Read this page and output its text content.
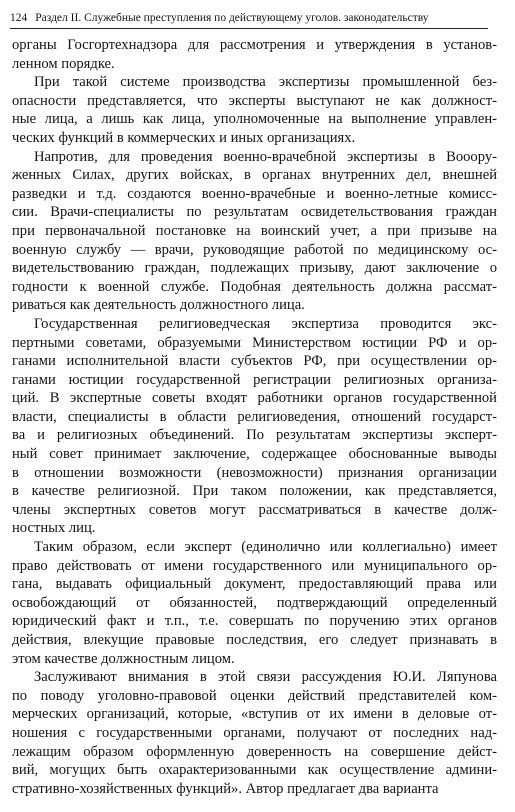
124 Раздел II. Служебные преступления по действующему уголов. законодательству
органы Госгортехнадзора для рассмотрения и утверждения в установ-
ленном порядке.
При такой системе производства экспертизы промышленной без-
опасности представляется, что эксперты выступают не как должност-
ные лица, а лишь как лица, уполномоченные на выполнение управлен-
ческих функций в коммерческих и иных организациях.
Напротив, для проведения военно-врачебной экспертизы в Вооору-
женных Силах, других войсках, в органах внутренних дел, внешней
разведки и т.д. создаются военно-врачебные и военно-летные комисс-
сии. Врачи-специалисты по результатам освидетельствования граждан
при первоначальной постановке на воинский учет, а при призыве на
военную службу — врачи, руководящие работой по медицинскому ос-
видетельствованию граждан, подлежащих призыву, дают заключение о
годности к военной службе. Подобная деятельность должна рассмат-
риваться как деятельность должностного лица.
Государственная религиоведческая экспертиза проводится экс-
пертными советами, образуемыми Министерством юстиции РФ и ор-
ганами исполнительной власти субъектов РФ, при осуществлении ор-
ганами юстиции государственной регистрации религиозных организа-
ций. В экспертные советы входят работники органов государственной
власти, специалисты в области религиоведения, отношений государст-
ва и религиозных объединений. По результатам экспертизы эксперт-
ный совет принимает заключение, содержащее обоснованные выводы
в отношении возможности (невозможности) признания организации
в качестве религиозной. При таком положении, как представляется,
члены экспертных советов могут рассматриваться в качестве долж-
ностных лиц.
Таким образом, если эксперт (единолично или коллегиально) имеет
право действовать от имени государственного или муниципального ор-
гана, выдавать официальный документ, предоставляющий права или
освобождающий от обязанностей, подтверждающий определенный
юридический факт и т.п., т.е. совершать по поручению этих органов
действия, влекущие правовые последствия, его следует признавать в
этом качестве должностным лицом.
Заслуживают внимания в этой связи рассуждения Ю.И. Ляпунова
по поводу уголовно-правовой оценки действий представителей ком-
мерческих организаций, которые, «вступив от их имени в деловые от-
ношения с государственными органами, получают от последних над-
лежащим образом оформленную доверенность на совершение дейст-
вий, могущих быть охарактеризованными как осуществление админи-
стративно-хозяйственных функций». Автор предлагает два варианта
